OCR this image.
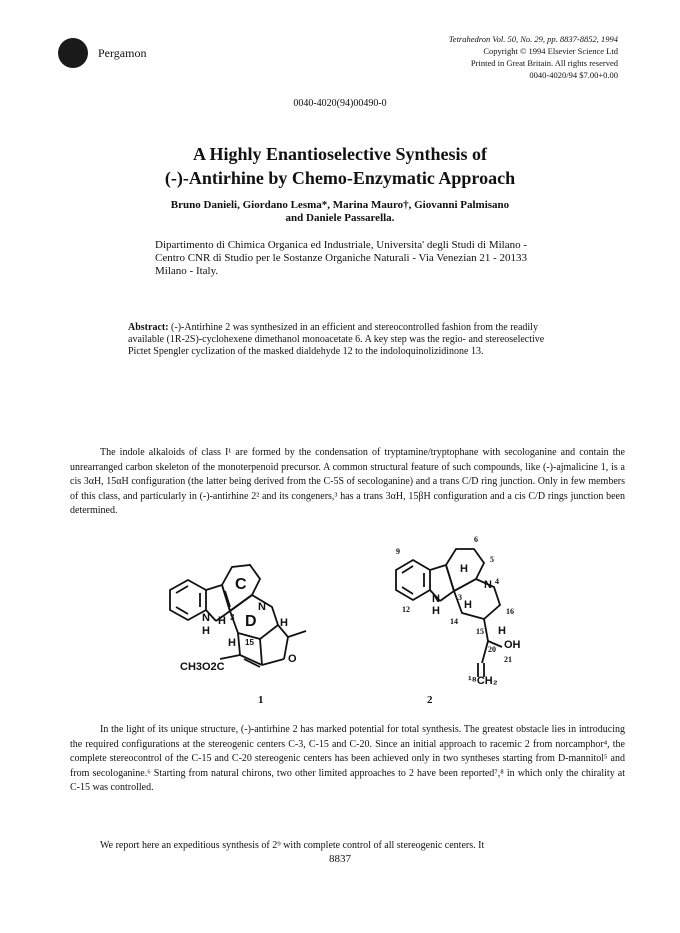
Pergamon
Tetrahedron Vol. 50, No. 29, pp. 8837-8852, 1994
Copyright © 1994 Elsevier Science Ltd
Printed in Great Britain. All rights reserved
0040-4020/94 $7.00+0.00
0040-4020(94)00490-0
A Highly Enantioselective Synthesis of
(-)-Antirhine by Chemo-Enzymatic Approach
Bruno Danieli, Giordano Lesma*, Marina Mauro†, Giovanni Palmisano
and Daniele Passarella.
Dipartimento di Chimica Organica ed Industriale, Universita' degli Studi di Milano - Centro CNR di Studio per le Sostanze Organiche Naturali - Via Venezian 21 - 20133 Milano - Italy.
Abstract: (-)-Antirhine 2 was synthesized in an efficient and stereocontrolled fashion from the readily available (1R-2S)-cyclohexene dimethanol monoacetate 6. A key step was the regio- and stereoselective Pictet Spengler cyclization of the masked dialdehyde 12 to the indoloquinolizidinone 13.
The indole alkaloids of class I¹ are formed by the condensation of tryptamine/tryptophane with secologanine and contain the unrearranged carbon skeleton of the monoterpenoid precursor. A common structural feature of such compounds, like (-)-ajmalicine 1, is a cis 3αH, 15αH configuration (the latter being derived from the C-5S of secologanine) and a trans C/D ring junction. Only in few members of this class, and particularly in (-)-antirhine 2² and its congeners,³ has a trans 3αH, 15βH configuration and a cis C/D rings junction been determined.
C
N
N
H
H 3 D H
H 15
O
CH3O2C
1
6
5
9
12
H
N 4
N
H
3
H
14
16
15 H
OH
20
21
¹⁸CH₂
2
In the light of its unique structure, (-)-antirhine 2 has marked potential for total synthesis. The greatest obstacle lies in introducing the required configurations at the stereogenic centers C-3, C-15 and C-20. Since an initial approach to racemic 2 from norcamphor⁴, the complete stereocontrol of the C-15 and C-20 stereogenic centers has been achieved only in two syntheses starting from D-mannitol⁵ and from secologanine.⁶ Starting from natural chirons, two other limited approaches to 2 have been reported⁷,⁸ in which only the chirality at C-15 was controlled.
We report here an expeditious synthesis of 2⁹ with complete control of all stereogenic centers. It
8837
